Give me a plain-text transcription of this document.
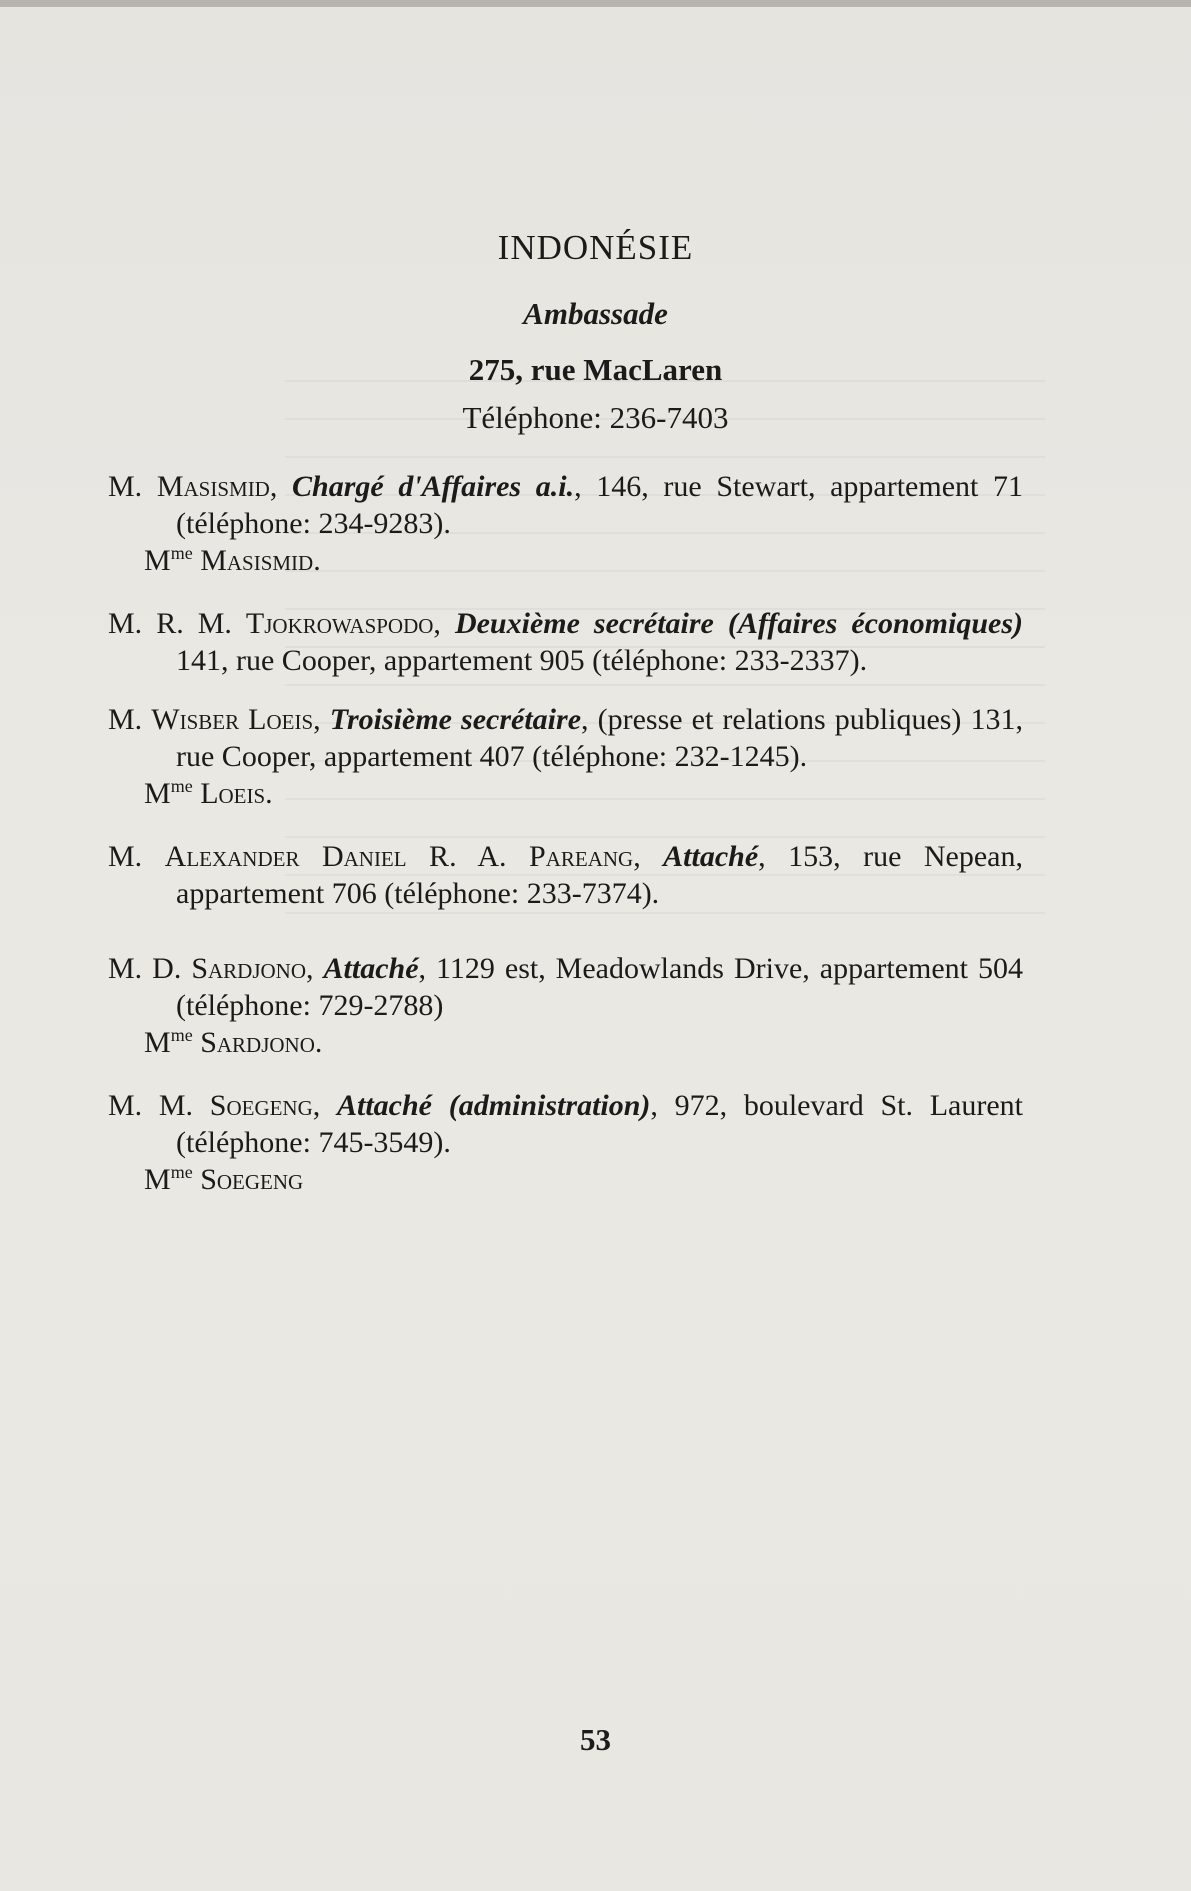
INDONÉSIE
Ambassade
275, rue MacLaren
Téléphone: 236-7403
M. Masismid, Chargé d'Affaires a.i., 146, rue Stewart, appartement 71 (téléphone: 234-9283).
$M^{me}$ Masismid.
M. R. M. Tjokrowaspodo, Deuxième secrétaire (Affaires économiques) 141, rue Cooper, appartement 905 (téléphone: 233-2337).
M. Wisber Loeis, Troisième secrétaire, (presse et relations publiques) 131, rue Cooper, appartement 407 (téléphone: 232-1245).
$M^{me}$ Loeis.
M. Alexander Daniel R. A. Pareang, Attaché, 153, rue Nepean, appartement 706 (téléphone: 233-7374).
M. D. Sardjono, Attaché, 1129 est, Meadowlands Drive, appartement 504 (téléphone: 729-2788)
$M^{me}$ Sardjono.
M. M. Soegeng, Attaché (administration), 972, boulevard St. Laurent (téléphone: 745-3549).
$M^{me}$ Soegeng
53
